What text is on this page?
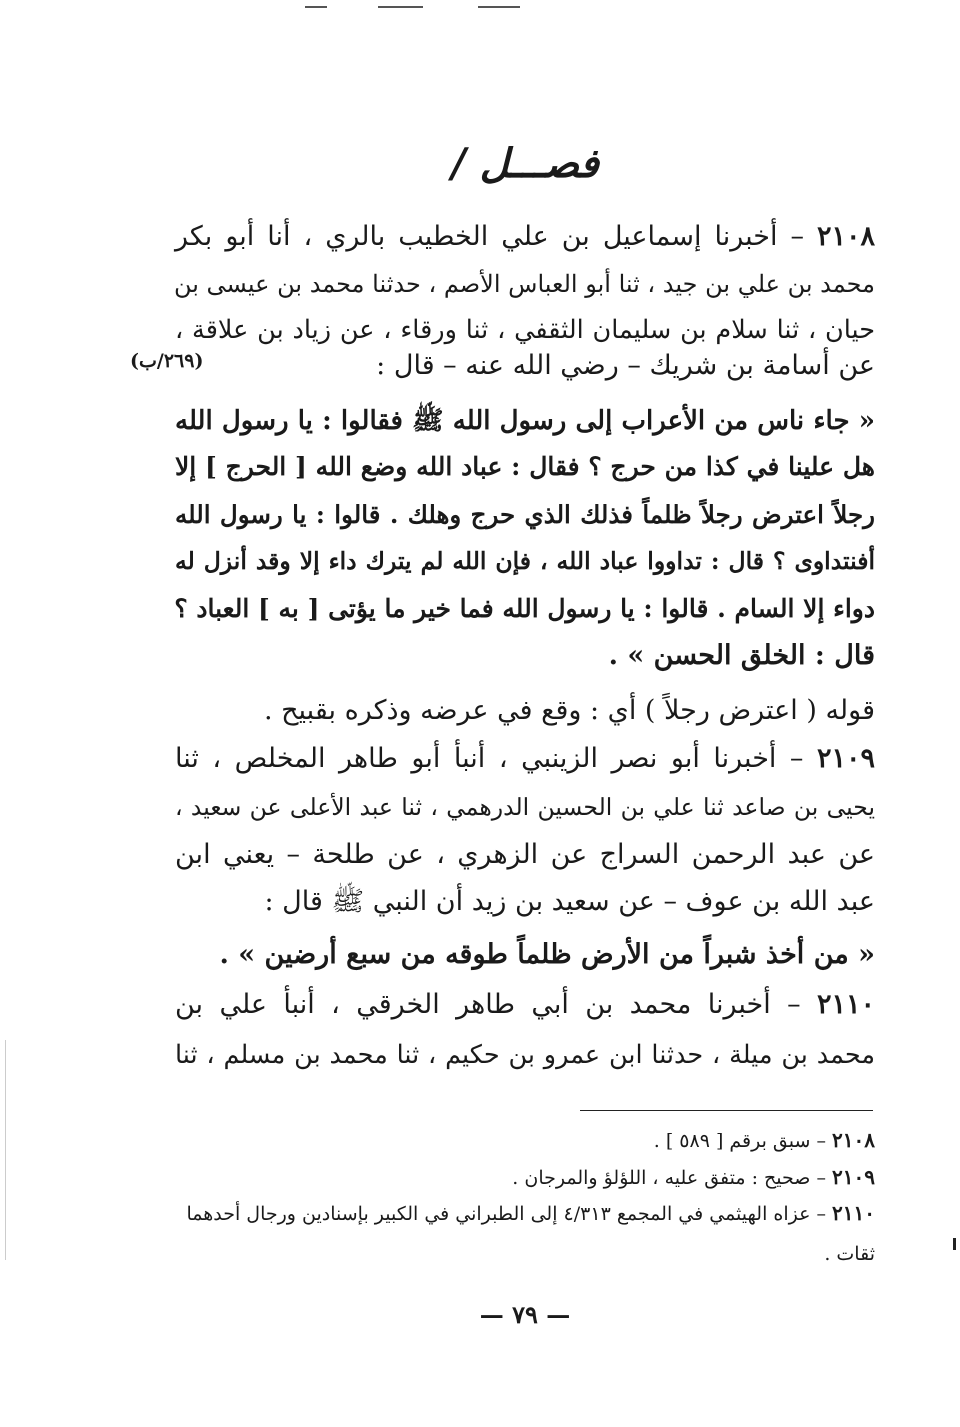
فصـــل /
٢١٠٨ – أخبرنا إسماعيل بن علي الخطيب بالري ، أنا أبو بكر
محمد بن علي بن جيد ، ثنا أبو العباس الأصم ، حدثنا محمد بن عيسى بن
حيان ، ثنا سلام بن سليمان الثقفي ، ثنا ورقاء ، عن زياد بن علاقة ،
عن أسامة بن شريك – رضي الله عنه – قال :
« جاء ناس من الأعراب إلى رسول الله ﷺ فقالوا : يا رسول الله
هل علينا في كذا من حرج ؟ فقال : عباد الله وضع الله [ الحرج ] إلا
رجلاً اعترض رجلاً ظلماً فذلك الذي حرج وهلك . قالوا : يا رسول الله
أفنتداوى ؟ قال : تداووا عباد الله ، فإن الله لم يترك داء إلا وقد أنزل له
دواء إلا السام . قالوا : يا رسول الله فما خير ما يؤتى [ به ] العباد ؟
قال : الخلق الحسن » .
قوله ( اعترض رجلاً ) أي : وقع في عرضه وذكره بقبيح .
٢١٠٩ – أخبرنا أبو نصر الزينبي ، أنبأ أبو طاهر المخلص ، ثنا
يحيى بن صاعد ثنا علي بن الحسين الدرهمي ، ثنا عبد الأعلى عن سعيد ،
عن عبد الرحمن السراج عن الزهري ، عن طلحة – يعني ابن
عبد الله بن عوف – عن سعيد بن زيد أن النبي ﷺ قال :
« من أخذ شبراً من الأرض ظلماً طوقه من سبع أرضين » .
٢١١٠ – أخبرنا محمد بن أبي طاهر الخرقي ، أنبأ علي بن
محمد بن ميلة ، حدثنا ابن عمرو بن حكيم ، ثنا محمد بن مسلم ، ثنا
٢١٠٨ – سبق برقم [ ٥٨٩ ] .
٢١٠٩ – صحيح : متفق عليه ، اللؤلؤ والمرجان .
٢١١٠ – عزاه الهيثمي في المجمع ٤/٣١٣ إلى الطبراني في الكبير بإسنادين ورجال أحدهما
ثقات .
— ٧٩ —
(٢٦٩/ب)
